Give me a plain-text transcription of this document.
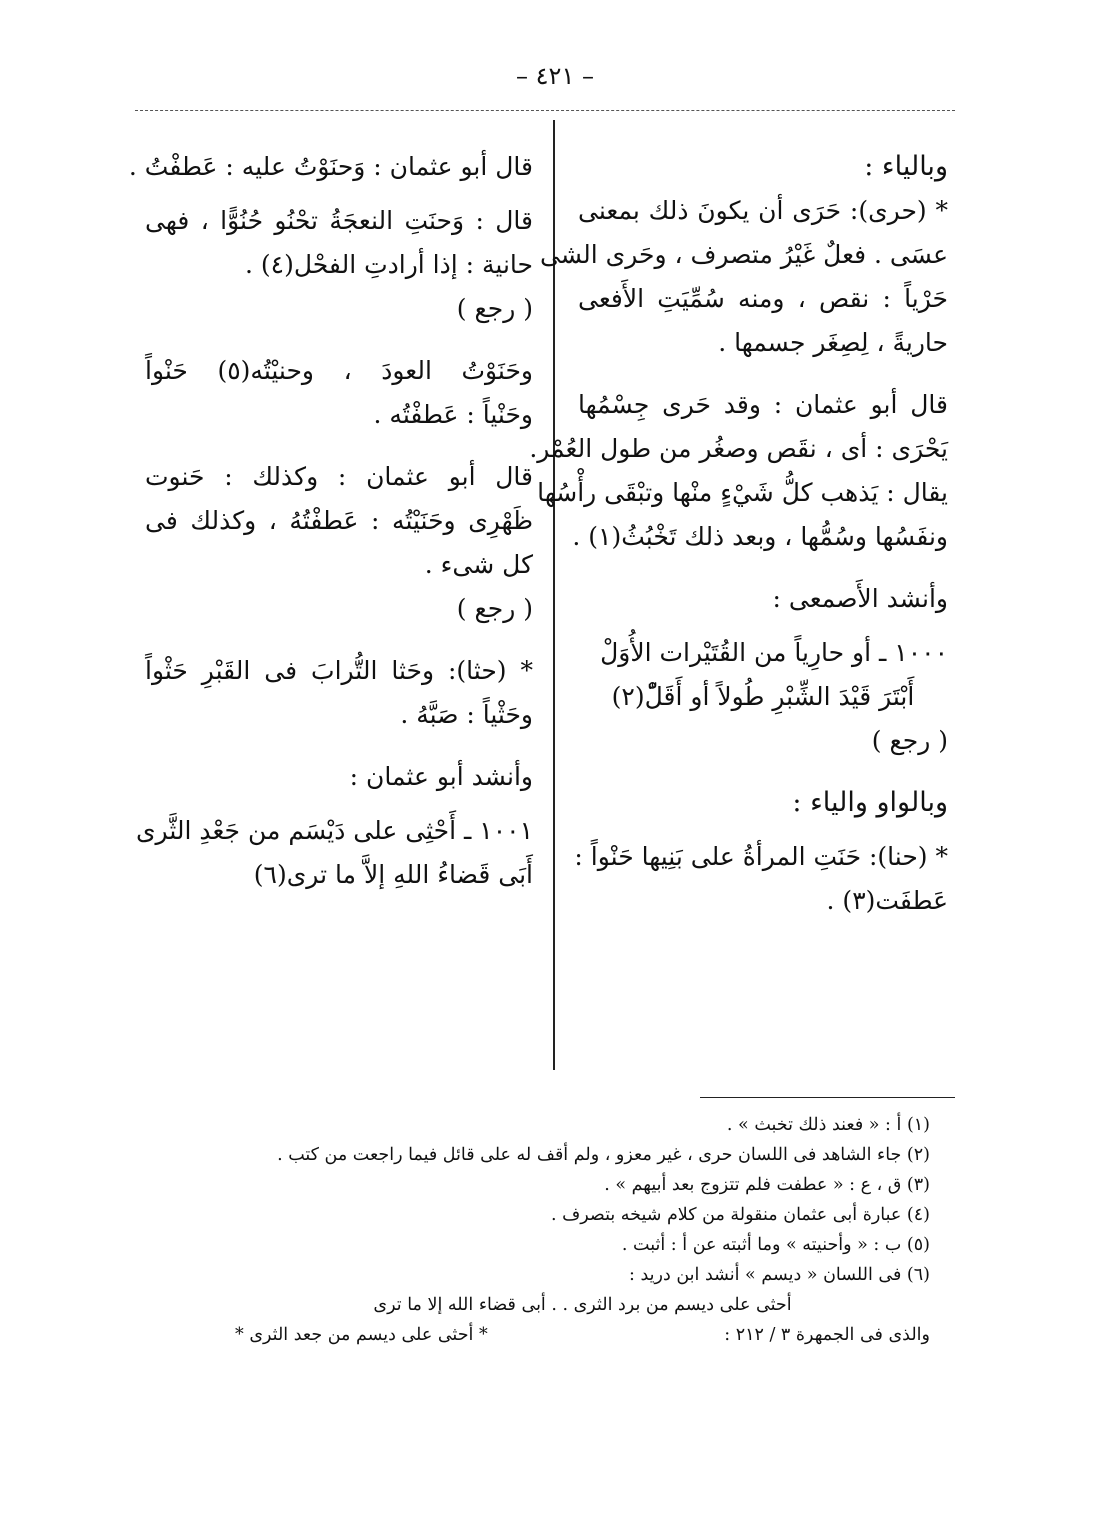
– ٤٢١ –
وبالياء :
* (حرى): حَرَى أن يكونَ ذلك بمعنى
عسَى . فعلٌ غَيْرُ متصرف ، وحَرى الشى
حَرْياً : نقص ، ومنه سُمِّيَتِ الأَفعى
حاريةً ، لِصِغَر جسمها .
قال أبو عثمان : وقد حَرى جِسْمُها
يَحْرَى : أى ، نقَص وصغُر من طول العُمْر.
يقال : يَذهب كلُّ شَيْءٍ منْها وتبْقَى رأْسُها
ونفَسُها وسُمُّها ، وبعد ذلك تَخْبُثُ(١) .
وأنشد الأَصمعى :
١٠٠٠ ـ أو حارِياً من القُتَيْرات الأُوَلْ
أَبْتَرَ قَيْدَ الشِّبْرِ طُولاً أو أَقَلّْ(٢)
( رجع )
وبالواو والياء :
* (حنا): حَنَتِ المرأةُ على بَنِيها حَنْواً :
عَطفَت(٣) .
قال أبو عثمان : وَحنَوْتُ عليه : عَطفْتُ .
قال : وَحنَتِ النعجَةُ تحْنُو حُنُوًّا ، فهى
حانية : إذا أرادتِ الفحْل(٤) .
( رجع )
وحَنَوْتُ العودَ ، وحنيْتُه(٥) حَنْواً
وحَنْياً : عَطفْتُه .
قال أبو عثمان : وكذلك : حَنوت
ظَهْرِى وحَنَيْتُه : عَطفْتُهُ ، وكذلك فى
كل شىء .
( رجع )
* (حثا): وحَثا التُّرابَ فى القَبْرِ حَثْواً
وحَثْياً : صَبَّهُ .
وأنشد أبو عثمان :
١٠٠١ ـ أَحْثِى على دَيْسَم من جَعْدِ الثَّرى
أَبَى قَضاءُ اللهِ إلاَّ ما ترى(٦)
(١) أ : « فعند ذلك تخبث » .
(٢) جاء الشاهد فى اللسان حرى ، غير معزو ، ولم أقف له على قائل فيما راجعت من كتب .
(٣) ق ، ع : « عطفت فلم تتزوج بعد أبيهم » .
(٤) عبارة أبى عثمان منقولة من كلام شيخه بتصرف .
(٥) ب : « وأحنيته » وما أثبته عن أ : أثبت .
(٦) فى اللسان « ديسم » أنشد ابن دريد :
أحثى على ديسم من برد الثرى . . أبى قضاء الله إلا ما ترى
والذى فى الجمهرة ٣ / ٢١٢ :
* أحثى على ديسم من جعد الثرى *
